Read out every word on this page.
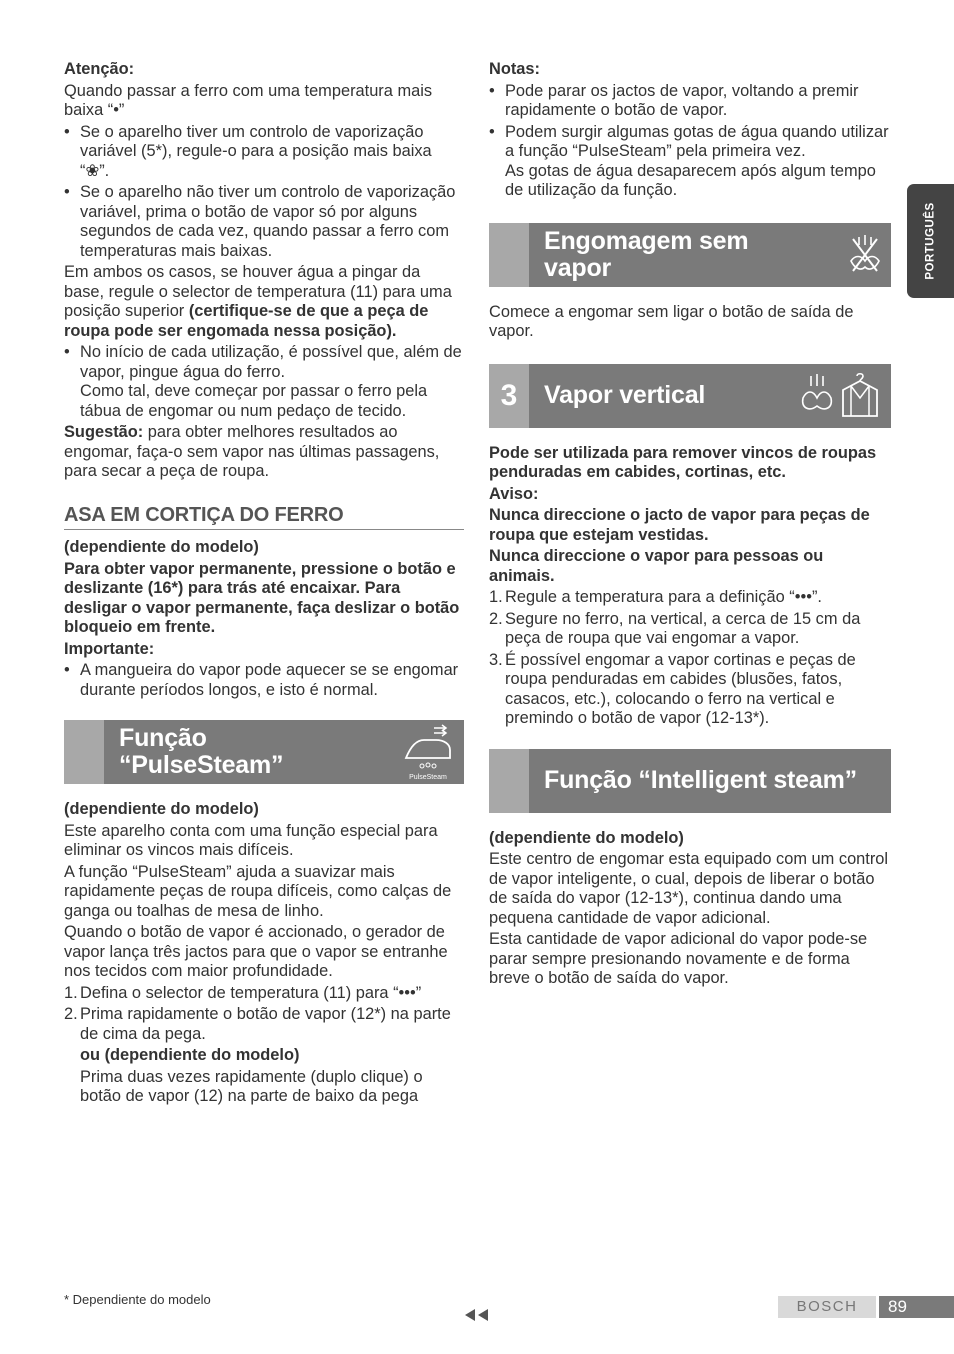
PORTUGUÊS

Atenção:

Quando passar a ferro com uma temperatura mais baixa “•”

• Se o aparelho tiver um controlo de vaporização variável (5*), regule-o para a posição mais baixa “❀”.
• Se o aparelho não tiver um controlo de vaporização variável, prima o botão de vapor só por alguns segundos de cada vez, quando passar a ferro com temperaturas mais baixas.

Em ambos os casos, se houver água a pingar da base, regule o selector de temperatura (11) para uma posição superior (certifique-se de que a peça de roupa pode ser engomada nessa posição).

• No início de cada utilização, é possível que, além de vapor, pingue água do ferro.
Como tal, deve começar por passar o ferro pela tábua de engomar ou num pedaço de tecido.

Sugestão: para obter melhores resultados ao engomar, faça-o sem vapor nas últimas passagens, para secar a peça de roupa.

ASA EM CORTIÇA DO FERRO

(dependiente do modelo)

Para obter vapor permanente, pressione o botão e deslizante (16*) para trás até encaixar. Para desligar o vapor permanente, faça deslizar o botão bloqueio em frente.

Importante:

• A mangueira do vapor pode aquecer se se engomar durante períodos longos, e isto é normal.
Função
“PulseSteam”	PulseSteam

(dependiente do modelo)

Este aparelho conta com uma função especial para eliminar os vincos mais difíceis.

A função “PulseSteam” ajuda a suavizar mais rapidamente peças de roupa difíceis, como calças de ganga ou toalhas de mesa de linho.

Quando o botão de vapor é accionado, o gerador de vapor lança três jactos para que o vapor se entranhe nos tecidos com maior profundidade.

1. Defina o selector de temperatura (11) para “•••”
2. Prima rapidamente o botão de vapor (12*) na parte de cima da pega.

ou (dependiente do modelo)

Prima duas vezes rapidamente (duplo clique) o botão de vapor (12) na parte de baixo da pega

Notas:

• Pode parar os jactos de vapor, voltando a premir rapidamente o botão de vapor.
• Podem surgir algumas gotas de água quando utilizar a função “PulseSteam” pela primeira vez.
As gotas de água desaparecem após algum tempo de utilização da função.
Engomagem sem
vapor

Comece a engomar sem ligar o botão de saída de vapor.

3	Vapor vertical

Pode ser utilizada para remover vincos de roupas penduradas em cabides, cortinas, etc.

Aviso:

Nunca direccione o jacto de vapor para peças de roupa que estejam vestidas.

Nunca direccione o vapor para pessoas ou animais.

1. Regule a temperatura para a definição “•••”.
2. Segure no ferro, na vertical, a cerca de 15 cm da peça de roupa que vai engomar a vapor.
3. É possível engomar a vapor cortinas e peças de roupa penduradas em cabides (blusões, fatos, casacos, etc.), colocando o ferro na vertical e premindo o botão de vapor (12-13*).
Função “Intelligent steam”

(dependiente do modelo)

Este centro de engomar esta equipado com um control de vapor inteligente, o cual, depois de liberar o botão de saída do vapor (12-13*), continua dando uma pequena cantidade de vapor adicional.

Esta cantidade de vapor adicional do vapor pode-se parar sempre presionando novamente e de forma breve o botão de saída do vapor.

* Dependiente do modelo	BOSCH	89
